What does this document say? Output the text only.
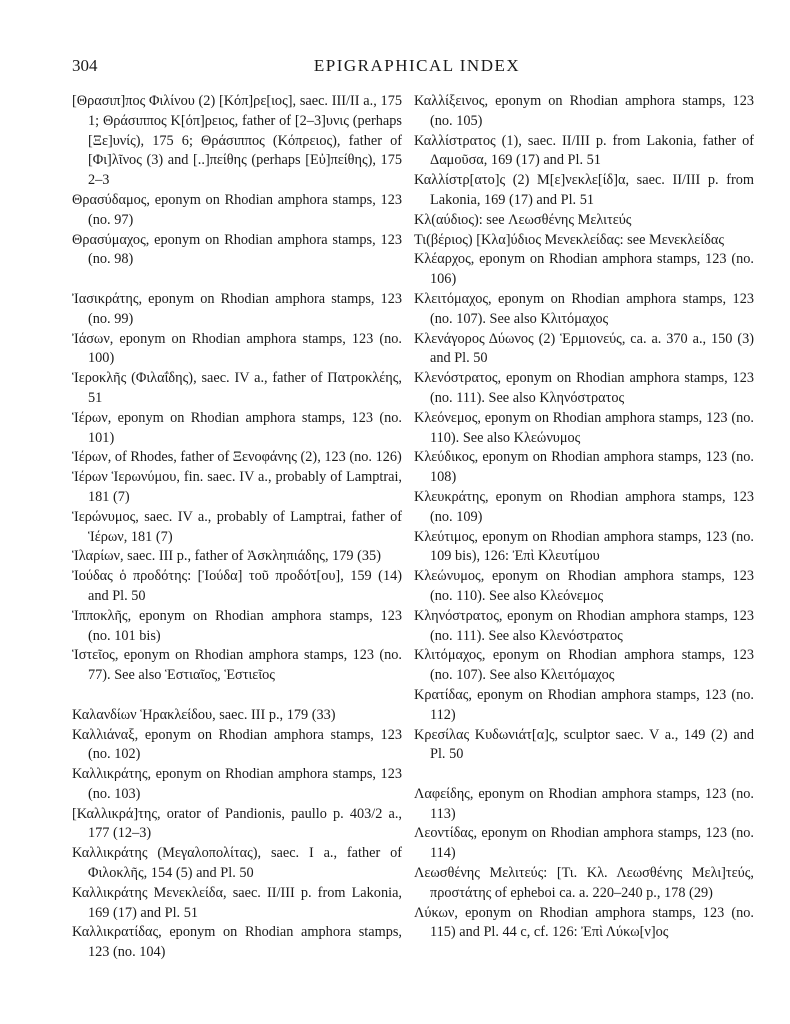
304	EPIGRAPHICAL INDEX

[Θρασιπ]πος Φιλίνου (2) [Κόπ]ρε[ιος], saec. III/II a., 175 1; Θράσιππος Κ[όπ]ρειος, father of [2–3]υνις (perhaps [Ξε]υνίς), 175 6; Θράσιππος (Κόπρειος), father of [Φι]λῖνος (3) and [..]πείθης (perhaps [Εὐ]πείθης), 175 2–3

Θρασύδαμος, eponym on Rhodian amphora stamps, 123 (no. 97)

Θρασύμαχος, eponym on Rhodian amphora stamps, 123 (no. 98)

Ἰασικράτης, eponym on Rhodian amphora stamps, 123 (no. 99)

Ἰάσων, eponym on Rhodian amphora stamps, 123 (no. 100)

Ἱεροκλῆς (Φιλαΐδης), saec. IV a., father of Πατροκλέης, 51

Ἱέρων, eponym on Rhodian amphora stamps, 123 (no. 101)

Ἱέρων, of Rhodes, father of Ξενοφάνης (2), 123 (no. 126)

Ἱέρων Ἱερωνύμου, fin. saec. IV a., probably of Lamptrai, 181 (7)

Ἱερώνυμος, saec. IV a., probably of Lamptrai, father of Ἱέρων, 181 (7)

Ἱλαρίων, saec. III p., father of Ἀσκληπιάδης, 179 (35)

Ἰούδας ὁ προδότης: [Ἰούδα] τοῦ προδότ[ου], 159 (14) and Pl. 50

Ἱπποκλῆς, eponym on Rhodian amphora stamps, 123 (no. 101 bis)

Ἱστεῖος, eponym on Rhodian amphora stamps, 123 (no. 77). See also Ἑστιαῖος, Ἑστιεῖος

Καλανδίων Ἡρακλείδου, saec. III p., 179 (33)

Καλλιάναξ, eponym on Rhodian amphora stamps, 123 (no. 102)

Καλλικράτης, eponym on Rhodian amphora stamps, 123 (no. 103)

[Καλλικρά]της, orator of Pandionis, paullo p. 403/2 a., 177 (12–3)

Καλλικράτης (Μεγαλοπολίτας), saec. I a., father of Φιλοκλῆς, 154 (5) and Pl. 50

Καλλικράτης Μενεκλείδα, saec. II/III p. from Lakonia, 169 (17) and Pl. 51

Καλλικρατίδας, eponym on Rhodian amphora stamps, 123 (no. 104)

Καλλίξεινος, eponym on Rhodian amphora stamps, 123 (no. 105)

Καλλίστρατος (1), saec. II/III p. from Lakonia, father of Δαμοῦσα, 169 (17) and Pl. 51

Καλλίστρ[ατο]ς (2) Μ[ε]νεκλε[ίδ]α, saec. II/III p. from Lakonia, 169 (17) and Pl. 51

Κλ(αύδιος): see Λεωσθένης Μελιτεύς

Τι(βέριος) [Κλα]ύδιος Μενεκλείδας: see Μενεκλείδας

Κλέαρχος, eponym on Rhodian amphora stamps, 123 (no. 106)

Κλειτόμαχος, eponym on Rhodian amphora stamps, 123 (no. 107). See also Κλιτόμαχος

Κλενάγορος Δύωνος (2) Ἑρμιονεύς, ca. a. 370 a., 150 (3) and Pl. 50

Κλενόστρατος, eponym on Rhodian amphora stamps, 123 (no. 111). See also Κληνόστρατος

Κλεόνεμος, eponym on Rhodian amphora stamps, 123 (no. 110). See also Κλεώνυμος

Κλεύδικος, eponym on Rhodian amphora stamps, 123 (no. 108)

Κλευκράτης, eponym on Rhodian amphora stamps, 123 (no. 109)

Κλεύτιμος, eponym on Rhodian amphora stamps, 123 (no. 109 bis), 126: Ἐπὶ Κλευτίμου

Κλεώνυμος, eponym on Rhodian amphora stamps, 123 (no. 110). See also Κλεόνεμος

Κληνόστρατος, eponym on Rhodian amphora stamps, 123 (no. 111). See also Κλενόστρατος

Κλιτόμαχος, eponym on Rhodian amphora stamps, 123 (no. 107). See also Κλειτόμαχος

Κρατίδας, eponym on Rhodian amphora stamps, 123 (no. 112)

Κρεσίλας Κυδωνιάτ[α]ς, sculptor saec. V a., 149 (2) and Pl. 50

Λαφείδης, eponym on Rhodian amphora stamps, 123 (no. 113)

Λεοντίδας, eponym on Rhodian amphora stamps, 123 (no. 114)

Λεωσθένης Μελιτεύς: [Τι. Κλ. Λεωσθένης Μελι]τεύς, προστάτης of epheboi ca. a. 220–240 p., 178 (29)

Λύκων, eponym on Rhodian amphora stamps, 123 (no. 115) and Pl. 44 c, cf. 126: Ἐπὶ Λύκω[ν]ος
